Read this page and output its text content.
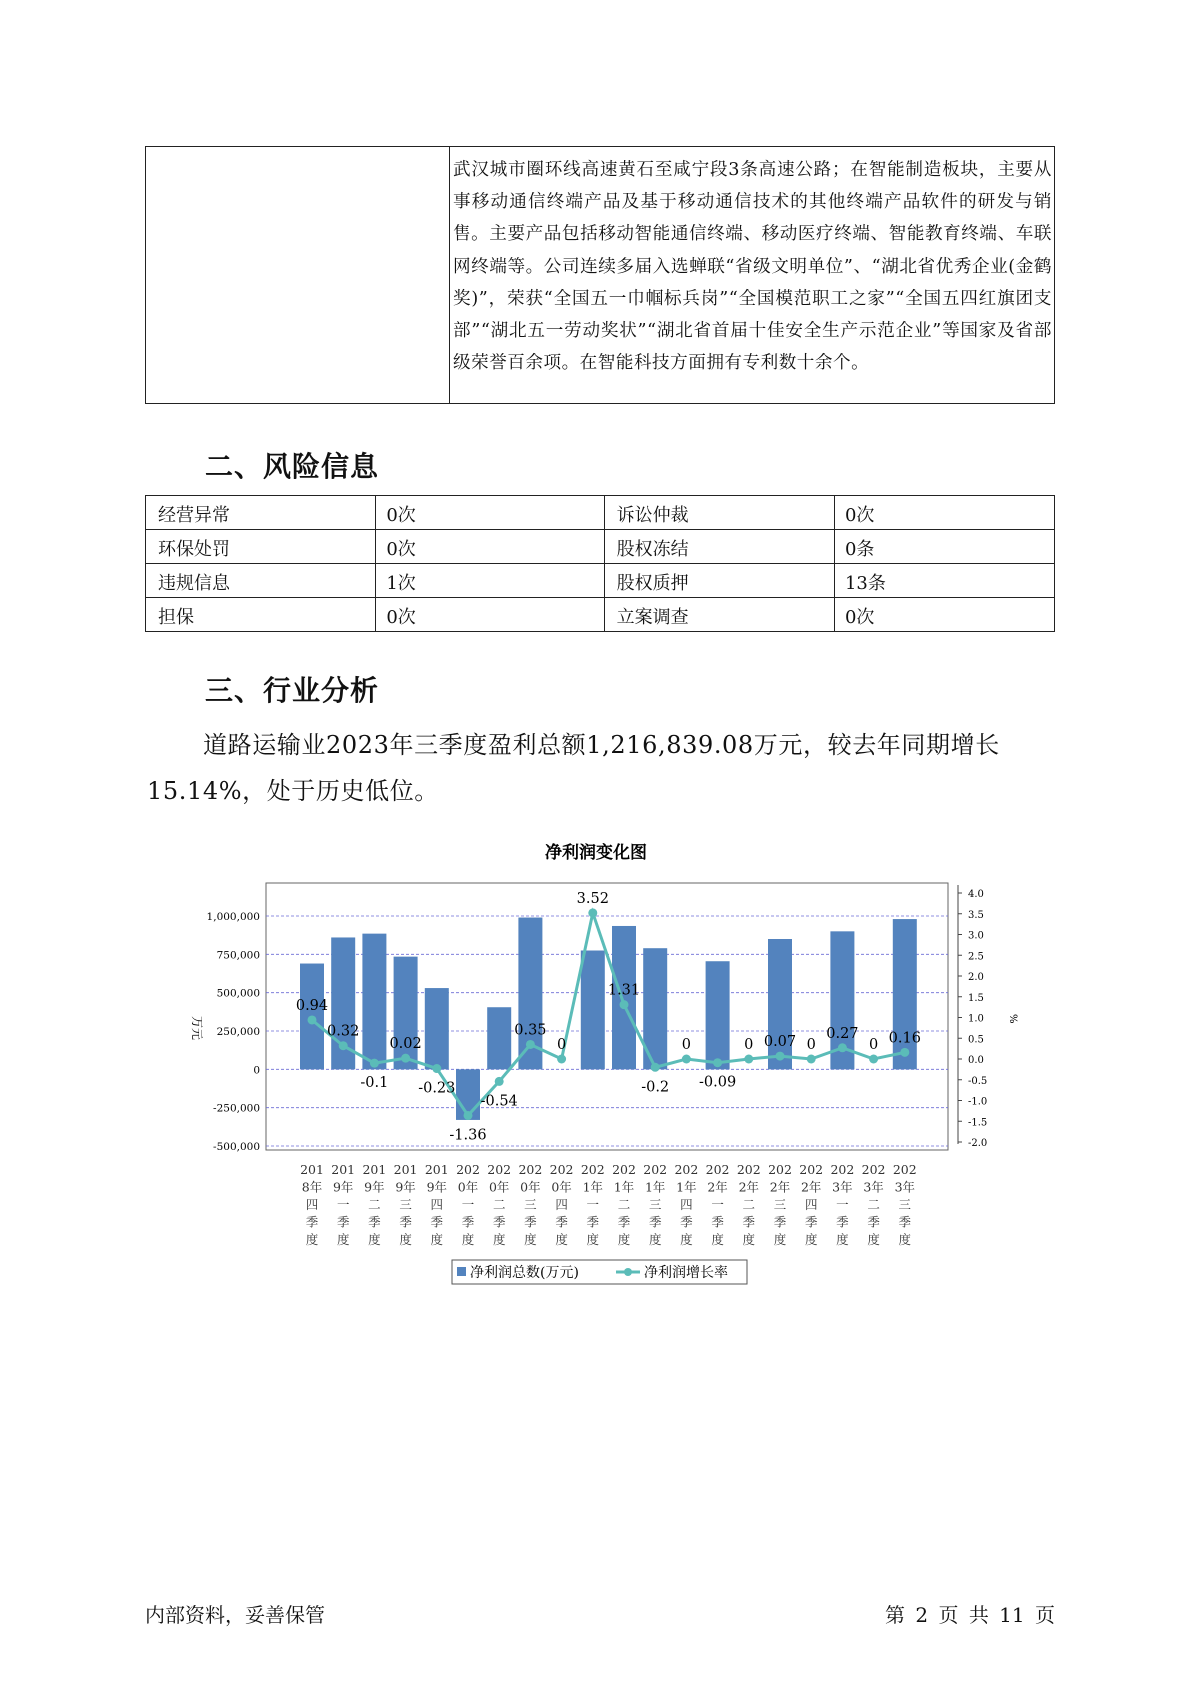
武汉城市圈环线高速黄石至咸宁段3条高速公路；在智能制造板块，主要从事移动通信终端产品及基于移动通信技术的其他终端产品软件的研发与销售。主要产品包括移动智能通信终端、移动医疗终端、智能教育终端、车联网终端等。公司连续多届入选蝉联“省级文明单位”、“湖北省优秀企业(金鹤奖)”，荣获“全国五一巾帼标兵岗”“全国模范职工之家”“全国五四红旗团支部”“湖北五一劳动奖状”“湖北省首届十佳安全生产示范企业”等国家及省部级荣誉百余项。在智能科技方面拥有专利数十余个。
二、风险信息
经营异常	0次	诉讼仲裁	0次
环保处罚	0次	股权冻结	0条
违规信息	1次	股权质押	13条
担保	0次	立案调查	0次
三、行业分析

道路运输业2023年三季度盈利总额1,216,839.08万元，较去年同期增长15.14%，处于历史低位。

净利润变化图
1,000,000
750,000
500,000
250,000
0
-250,000
-500,000
万元
4.0
3.5
3.0
2.5
2.0
1.5
1.0
0.5
0.0
-0.5
-1.0
-1.5
-2.0
%
0.94
0.32
-0.1
0.02
-0.23
-1.36
-0.54
0.35
0
3.52
1.31
-0.2
0
-0.09
0 0.07 0
0.27
0 0.16
201
8年
四
季
度
201
9年
一
季
度
201
9年
二
季
度
201
9年
三
季
度
201
9年
四
季
度
202
0年
一
季
度
202
0年
二
季
度
202
0年
三
季
度
202
0年
四
季
度
202
1年
一
季
度
202
1年
二
季
度
202
1年
三
季
度
202
1年
四
季
度
202
2年
一
季
度
202
2年
二
季
度
202
2年
三
季
度
202
2年
四
季
度
202
3年
一
季
度
202
3年
二
季
度
202
3年
三
季
度
净利润总数(万元)	净利润增长率
内部资料，妥善保管	第 2 页 共 11 页
